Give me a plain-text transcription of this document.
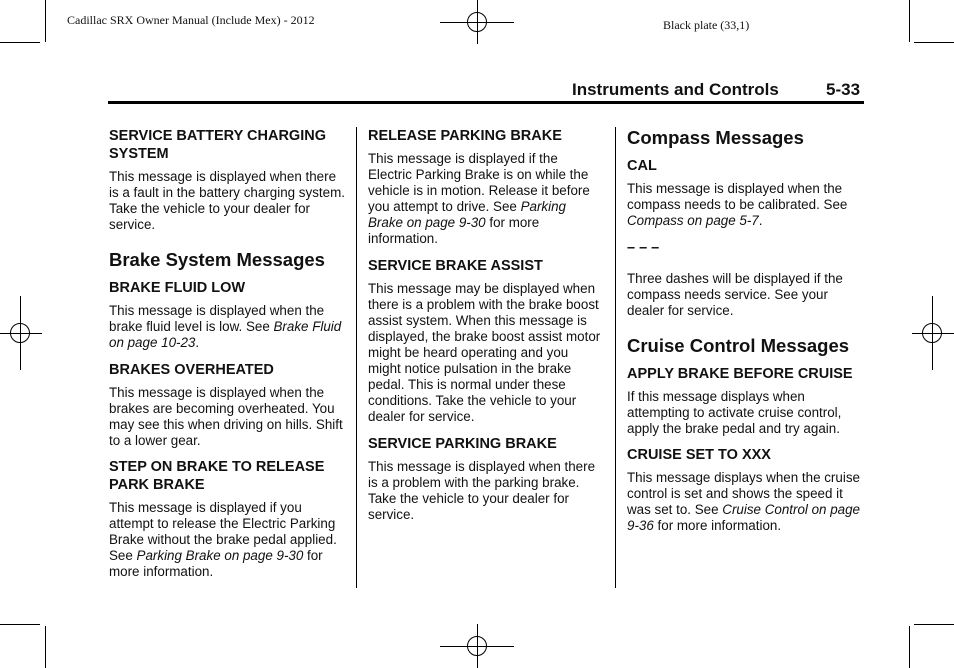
Cadillac SRX Owner Manual (Include Mex) - 2012	Black plate (33,1)
Instruments and Controls	5-33

SERVICE BATTERY CHARGING SYSTEM

This message is displayed when there is a fault in the battery charging system. Take the vehicle to your dealer for service.

Brake System Messages

BRAKE FLUID LOW

This message is displayed when the brake fluid level is low. See Brake Fluid on page 10-23.

BRAKES OVERHEATED

This message is displayed when the brakes are becoming overheated. You may see this when driving on hills. Shift to a lower gear.

STEP ON BRAKE TO RELEASE PARK BRAKE

This message is displayed if you attempt to release the Electric Parking Brake without the brake pedal applied. See Parking Brake on page 9-30 for more information.

RELEASE PARKING BRAKE

This message is displayed if the Electric Parking Brake is on while the vehicle is in motion. Release it before you attempt to drive. See Parking Brake on page 9-30 for more information.

SERVICE BRAKE ASSIST

This message may be displayed when there is a problem with the brake boost assist system. When this message is displayed, the brake boost assist motor might be heard operating and you might notice pulsation in the brake pedal. This is normal under these conditions. Take the vehicle to your dealer for service.

SERVICE PARKING BRAKE

This message is displayed when there is a problem with the parking brake. Take the vehicle to your dealer for service.

Compass Messages

CAL

This message is displayed when the compass needs to be calibrated. See Compass on page 5-7.

– – –

Three dashes will be displayed if the compass needs service. See your dealer for service.

Cruise Control Messages

APPLY BRAKE BEFORE CRUISE

If this message displays when attempting to activate cruise control, apply the brake pedal and try again.

CRUISE SET TO XXX

This message displays when the cruise control is set and shows the speed it was set to. See Cruise Control on page 9-36 for more information.
